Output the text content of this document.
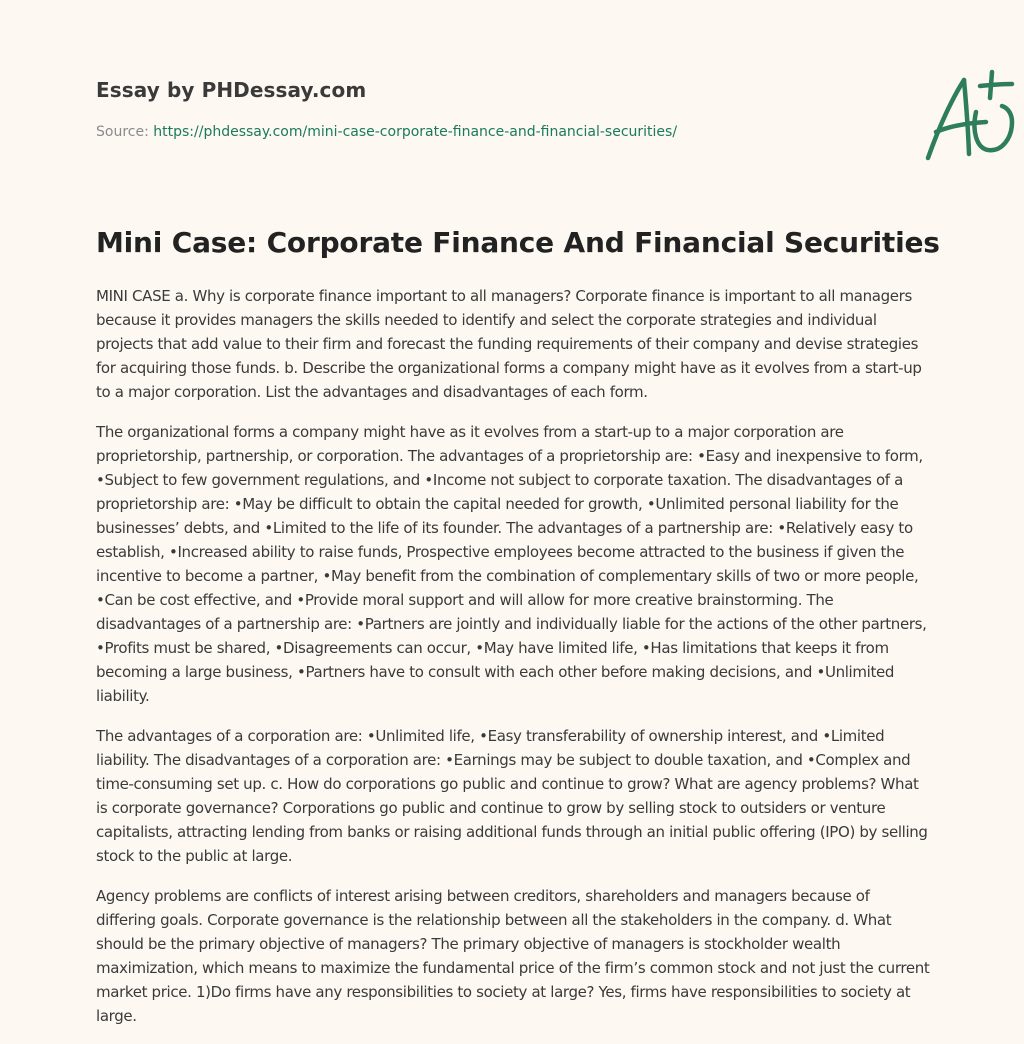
Essay by PHDessay.com
Source: https://phdessay.com/mini-case-corporate-finance-and-financial-securities/
Mini Case: Corporate Finance And Financial Securities

MINI CASE a. Why is corporate finance important to all managers? Corporate finance is important to all managers because it provides managers the skills needed to identify and select the corporate strategies and individual projects that add value to their firm and forecast the funding requirements of their company and devise strategies for acquiring those funds. b. Describe the organizational forms a company might have as it evolves from a start-up to a major corporation. List the advantages and disadvantages of each form.

The organizational forms a company might have as it evolves from a start-up to a major corporation are proprietorship, partnership, or corporation. The advantages of a proprietorship are: •Easy and inexpensive to form, •Subject to few government regulations, and •Income not subject to corporate taxation. The disadvantages of a proprietorship are: •May be difficult to obtain the capital needed for growth, •Unlimited personal liability for the businesses’ debts, and •Limited to the life of its founder. The advantages of a partnership are: •Relatively easy to establish, •Increased ability to raise funds, Prospective employees become attracted to the business if given the incentive to become a partner, •May benefit from the combination of complementary skills of two or more people, •Can be cost effective, and •Provide moral support and will allow for more creative brainstorming. The disadvantages of a partnership are: •Partners are jointly and individually liable for the actions of the other partners, •Profits must be shared, •Disagreements can occur, •May have limited life, •Has limitations that keeps it from becoming a large business, •Partners have to consult with each other before making decisions, and •Unlimited liability.

The advantages of a corporation are: •Unlimited life, •Easy transferability of ownership interest, and •Limited liability. The disadvantages of a corporation are: •Earnings may be subject to double taxation, and •Complex and time-consuming set up. c. How do corporations go public and continue to grow? What are agency problems? What is corporate governance? Corporations go public and continue to grow by selling stock to outsiders or venture capitalists, attracting lending from banks or raising additional funds through an initial public offering (IPO) by selling stock to the public at large.

Agency problems are conflicts of interest arising between creditors, shareholders and managers because of differing goals. Corporate governance is the relationship between all the stakeholders in the company. d. What should be the primary objective of managers? The primary objective of managers is stockholder wealth maximization, which means to maximize the fundamental price of the firm’s common stock and not just the current market price. 1)Do firms have any responsibilities to society at large? Yes, firms have responsibilities to society at large.
